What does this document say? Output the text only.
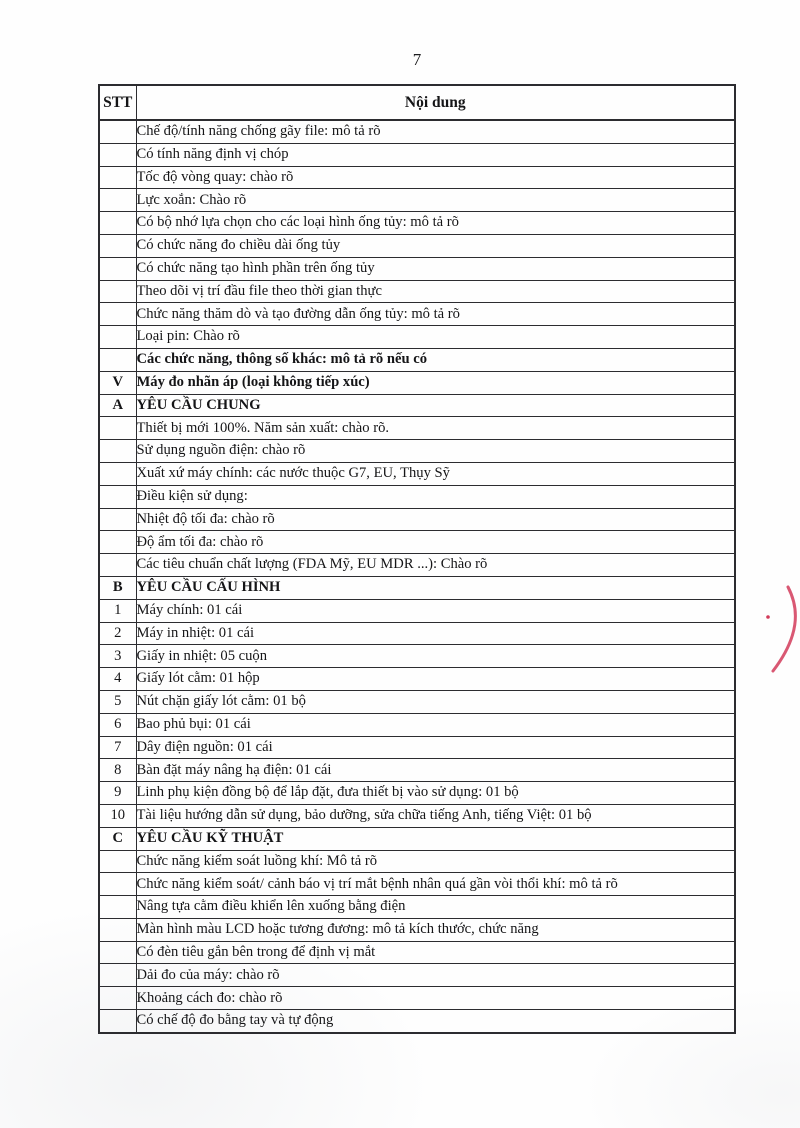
7
STT	Nội dung
	Chế độ/tính năng chống gãy file: mô tả rõ
	Có tính năng định vị chóp
	Tốc độ vòng quay: chào rõ
	Lực xoắn: Chào rõ
	Có bộ nhớ lựa chọn cho các loại hình ống tủy: mô tả rõ
	Có chức năng đo chiều dài ống tủy
	Có chức năng tạo hình phần trên ống tủy
	Theo dõi vị trí đầu file theo thời gian thực
	Chức năng thăm dò và tạo đường dẫn ống tủy: mô tả rõ
	Loại pin: Chào rõ
	Các chức năng, thông số khác: mô tả rõ nếu có
V	Máy đo nhãn áp (loại không tiếp xúc)
A	YÊU CẦU CHUNG
	Thiết bị mới 100%. Năm sản xuất: chào rõ.
	Sử dụng nguồn điện: chào rõ
	Xuất xứ máy chính: các nước thuộc G7, EU, Thụy Sỹ
	Điều kiện sử dụng:
	Nhiệt độ tối đa: chào rõ
	Độ ẩm tối đa: chào rõ
	Các tiêu chuẩn chất lượng (FDA Mỹ, EU MDR ...): Chào rõ
B	YÊU CẦU CẤU HÌNH
1	Máy chính: 01 cái
2	Máy in nhiệt: 01 cái
3	Giấy in nhiệt: 05 cuộn
4	Giấy lót cằm: 01 hộp
5	Nút chặn giấy lót cằm: 01 bộ
6	Bao phủ bụi: 01 cái
7	Dây điện nguồn: 01 cái
8	Bàn đặt máy nâng hạ điện: 01 cái
9	Linh phụ kiện đồng bộ để lắp đặt, đưa thiết bị vào sử dụng: 01 bộ
10	Tài liệu hướng dẫn sử dụng, bảo dưỡng, sửa chữa tiếng Anh, tiếng Việt: 01 bộ
C	YÊU CẦU KỸ THUẬT
	Chức năng kiểm soát luồng khí: Mô tả rõ
	Chức năng kiểm soát/ cảnh báo vị trí mắt bệnh nhân quá gần vòi thổi khí: mô tả rõ
	Nâng tựa cằm điều khiển lên xuống bằng điện
	Màn hình màu LCD hoặc tương đương: mô tả kích thước, chức năng
	Có đèn tiêu gắn bên trong để định vị mắt
	Dải đo của máy: chào rõ
	Khoảng cách đo: chào rõ
	Có chế độ đo bằng tay và tự động
